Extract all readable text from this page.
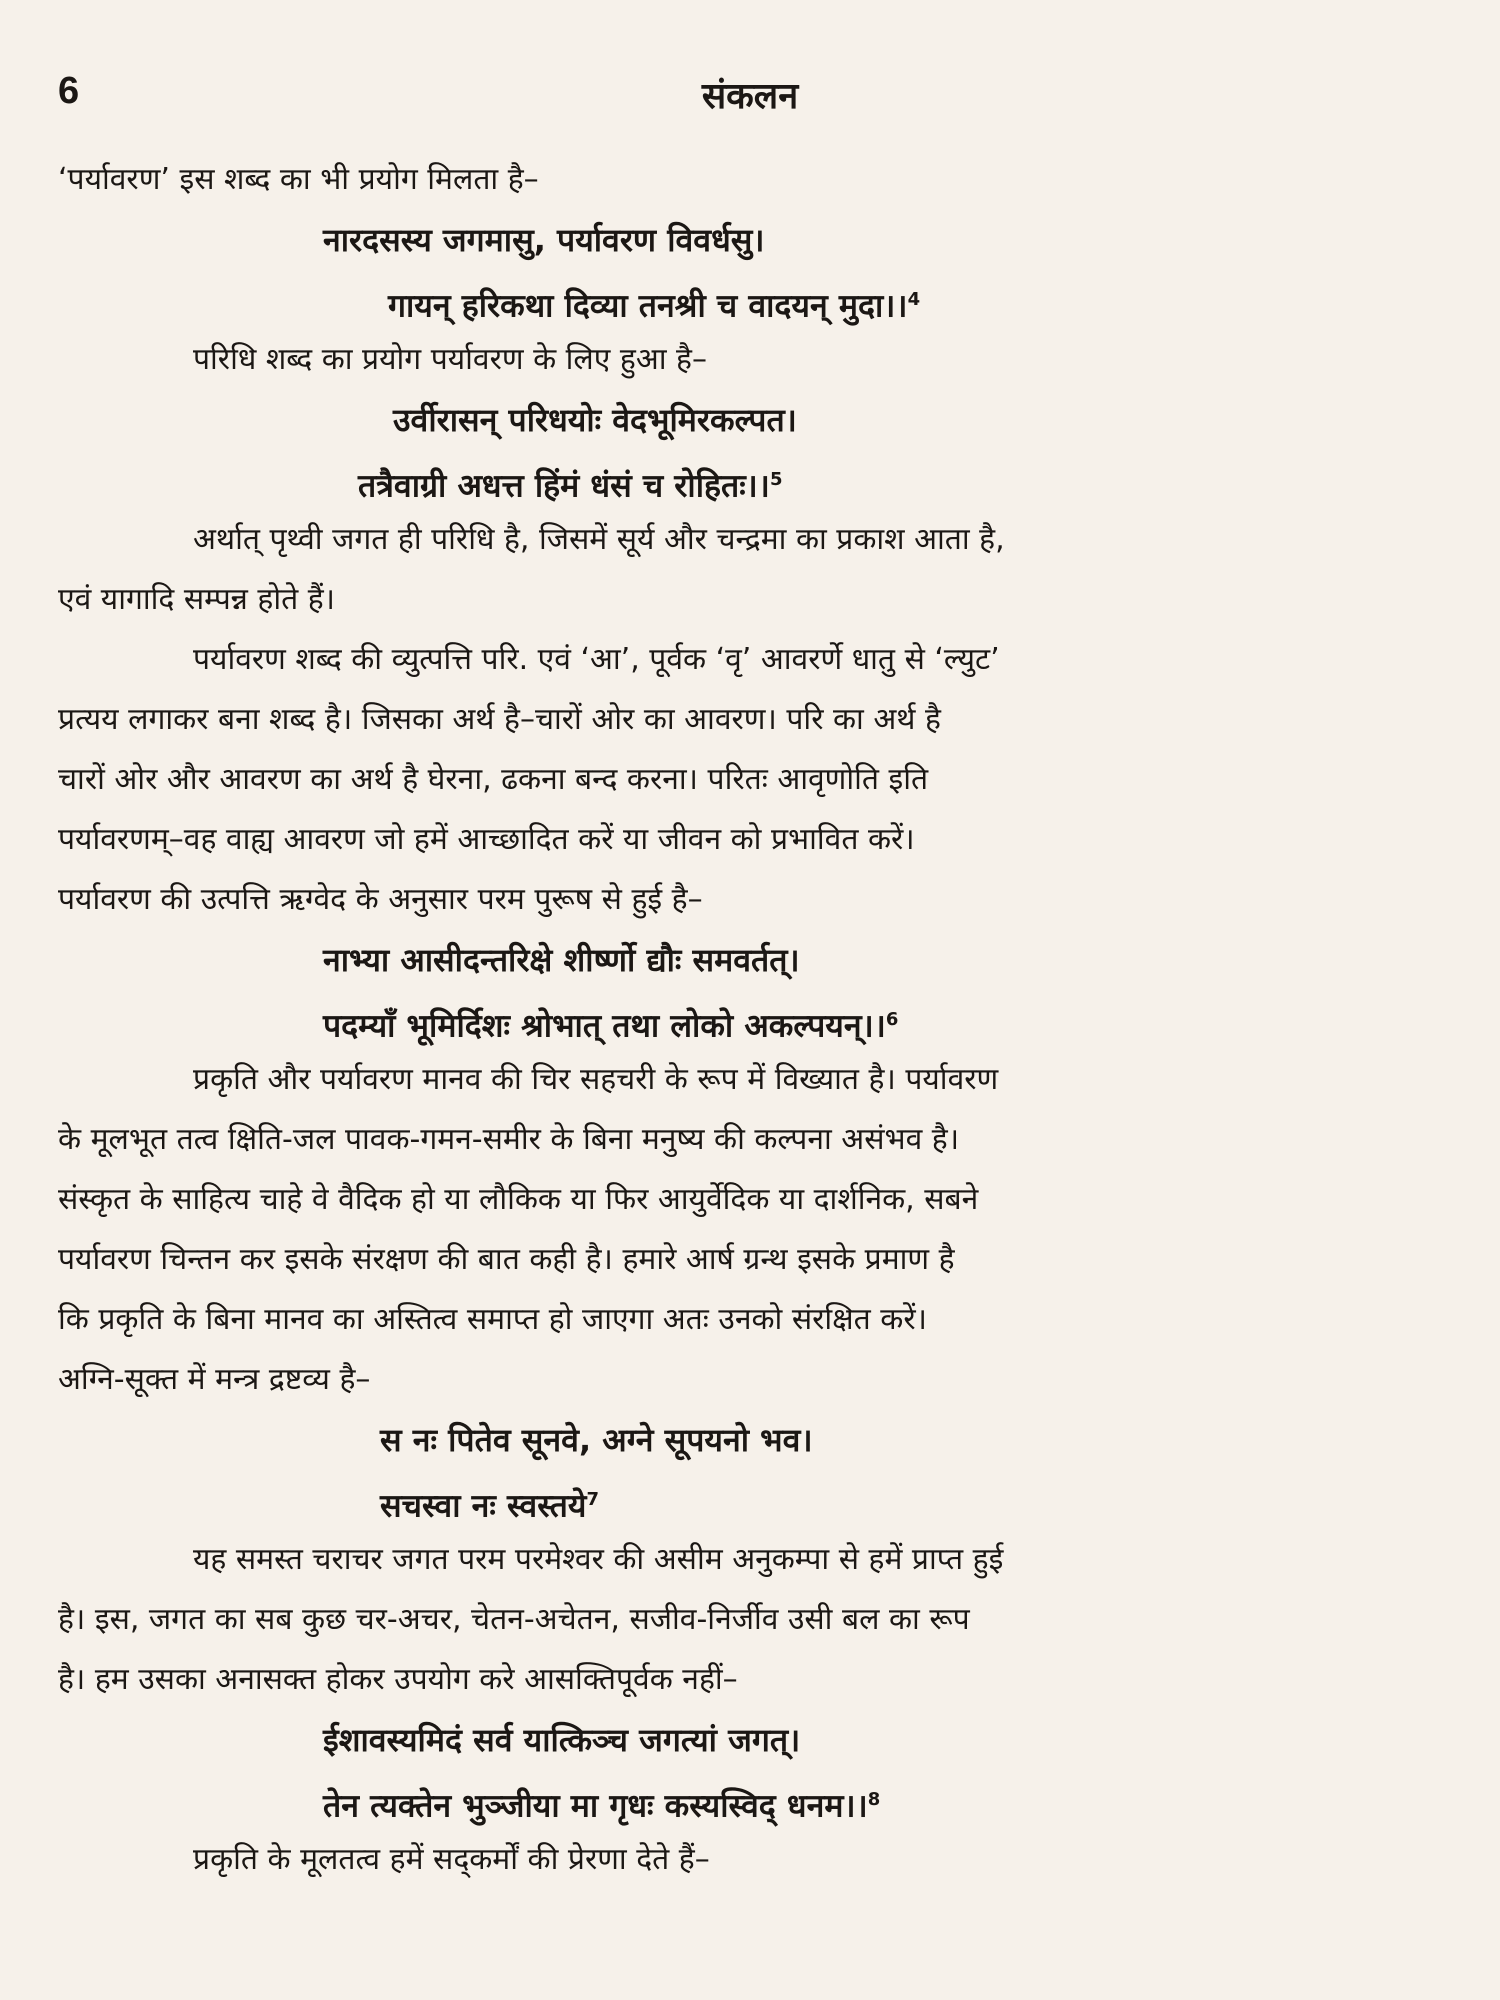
6	संकलन
‘पर्यावरण’ इस शब्द का भी प्रयोग मिलता है–
नारदसस्य जगमासु, पर्यावरण विवर्धसु।
गायन् हरिकथा दिव्या तनश्री च वादयन् मुदा।।$^4$
परिधि शब्द का प्रयोग पर्यावरण के लिए हुआ है–
उर्वीरासन् परिधयोः वेदभूमिरकल्पत।
तत्रैवाग्री अधत्त हिंमं धंसं च रोहितः।।$^5$
अर्थात् पृथ्वी जगत ही परिधि है, जिसमें सूर्य और चन्द्रमा का प्रकाश आता है,
एवं यागादि सम्पन्न होते हैं।
पर्यावरण शब्द की व्युत्पत्ति परि. एवं ‘आ’, पूर्वक ‘वृ’ आवरर्णे धातु से ‘ल्युट’
प्रत्यय लगाकर बना शब्द है। जिसका अर्थ है–चारों ओर का आवरण। परि का अर्थ है
चारों ओर और आवरण का अर्थ है घेरना, ढकना बन्द करना। परितः आवृणोति इति
पर्यावरणम्–वह वाह्य आवरण जो हमें आच्छादित करें या जीवन को प्रभावित करें।
पर्यावरण की उत्पत्ति ऋग्वेद के अनुसार परम पुरूष से हुई है–
नाभ्या आसीदन्तरिक्षे शीर्ष्णो द्यौः समवर्तत्।
पदम्याँ भूमिर्दिशः श्रोभात् तथा लोको अकल्पयन्।।$^6$
प्रकृति और पर्यावरण मानव की चिर सहचरी के रूप में विख्यात है। पर्यावरण
के मूलभूत तत्व क्षिति-जल पावक-गमन-समीर के बिना मनुष्य की कल्पना असंभव है।
संस्कृत के साहित्य चाहे वे वैदिक हो या लौकिक या फिर आयुर्वेदिक या दार्शनिक, सबने
पर्यावरण चिन्तन कर इसके संरक्षण की बात कही है। हमारे आर्ष ग्रन्थ इसके प्रमाण है
कि प्रकृति के बिना मानव का अस्तित्व समाप्त हो जाएगा अतः उनको संरक्षित करें।
अग्नि-सूक्त में मन्त्र द्रष्टव्य है–
स नः पितेव सूनवे, अग्ने सूपयनो भव।
सचस्वा नः स्वस्तये$^7$
यह समस्त चराचर जगत परम परमेश्वर की असीम अनुकम्पा से हमें प्राप्त हुई
है। इस, जगत का सब कुछ चर-अचर, चेतन-अचेतन, सजीव-निर्जीव उसी बल का रूप
है। हम उसका अनासक्त होकर उपयोग करे आसक्तिपूर्वक नहीं–
ईशावस्यमिदं सर्व यात्किञ्च जगत्यां जगत्।
तेन त्यक्तेन भुञ्जीया मा गृधः कस्यस्विद् धनम।।$^8$
प्रकृति के मूलतत्व हमें सद्कर्मों की प्रेरणा देते हैं–
